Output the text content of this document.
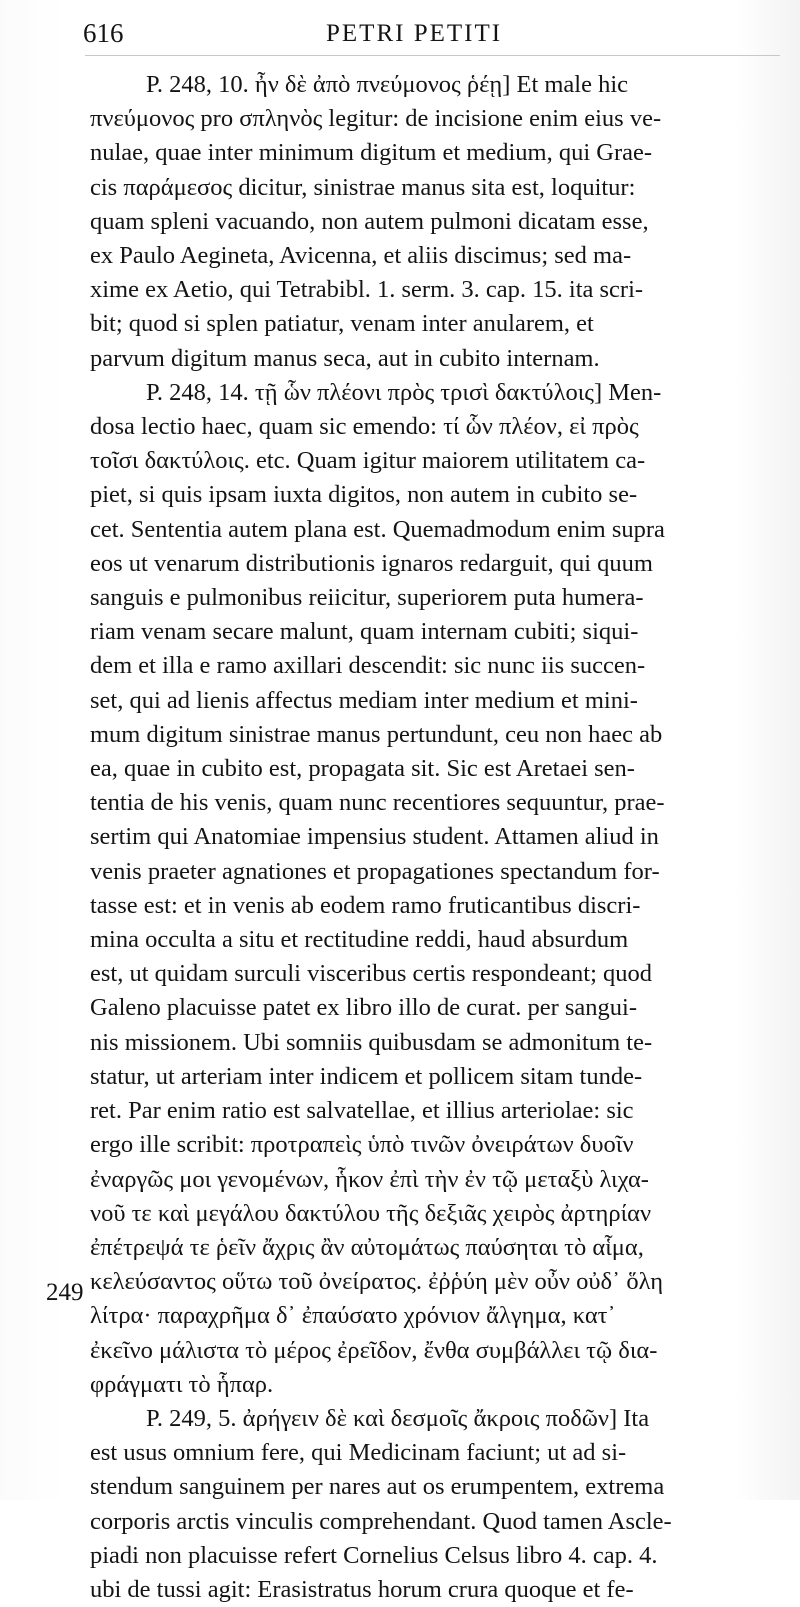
616	PETRI PETITI
249
P. 248, 10. ἦν δὲ ἀπὸ πνεύμονος ῥέῃ] Et male hic
πνεύμονος pro σπληνὸς legitur: de incisione enim eius ve-
nulae, quae inter minimum digitum et medium, qui Grae-
cis παράμεσος dicitur, sinistrae manus sita est, loquitur:
quam spleni vacuando, non autem pulmoni dicatam esse,
ex Paulo Aegineta, Avicenna, et aliis discimus; sed ma-
xime ex Aetio, qui Tetrabibl. 1. serm. 3. cap. 15. ita scri-
bit; quod si splen patiatur, venam inter anularem, et
parvum digitum manus seca, aut in cubito internam.
P. 248, 14. τῇ ὧν πλέονι πρὸς τρισὶ δακτύλοις] Men-
dosa lectio haec, quam sic emendo: τί ὧν πλέον, εἰ πρὸς
τοῖσι δακτύλοις. etc. Quam igitur maiorem utilitatem ca-
piet, si quis ipsam iuxta digitos, non autem in cubito se-
cet. Sententia autem plana est. Quemadmodum enim supra
eos ut venarum distributionis ignaros redarguit, qui quum
sanguis e pulmonibus reiicitur, superiorem puta humera-
riam venam secare malunt, quam internam cubiti; siqui-
dem et illa e ramo axillari descendit: sic nunc iis succen-
set, qui ad lienis affectus mediam inter medium et mini-
mum digitum sinistrae manus pertundunt, ceu non haec ab
ea, quae in cubito est, propagata sit. Sic est Aretaei sen-
tentia de his venis, quam nunc recentiores sequuntur, prae-
sertim qui Anatomiae impensius student. Attamen aliud in
venis praeter agnationes et propagationes spectandum for-
tasse est: et in venis ab eodem ramo fruticantibus discri-
mina occulta a situ et rectitudine reddi, haud absurdum
est, ut quidam surculi visceribus certis respondeant; quod
Galeno placuisse patet ex libro illo de curat. per sangui-
nis missionem. Ubi somniis quibusdam se admonitum te-
statur, ut arteriam inter indicem et pollicem sitam tunde-
ret. Par enim ratio est salvatellae, et illius arteriolae: sic
ergo ille scribit: προτραπεὶς ὑπὸ τινῶν ὀνειράτων δυοῖν
ἐναργῶς μοι γενομένων, ἧκον ἐπὶ τὴν ἐν τῷ μεταξὺ λιχα-
νοῦ τε καὶ μεγάλου δακτύλου τῆς δεξιᾶς χειρὸς ἀρτηρίαν
ἐπέτρεψά τε ῥεῖν ἄχρις ἂν αὐτομάτως παύσηται τὸ αἷμα,
κελεύσαντος οὕτω τοῦ ὀνείρατος. ἐῤῥύη μὲν οὖν οὐδ᾽ ὅλη
λίτρα· παραχρῆμα δ᾽ ἐπαύσατο χρόνιον ἄλγημα, κατ᾽
ἐκεῖνο μάλιστα τὸ μέρος ἐρεῖδον, ἔνθα συμβάλλει τῷ δια-
φράγματι τὸ ἧπαρ.
P. 249, 5. ἀρήγειν δὲ καὶ δεσμοῖς ἄκροις ποδῶν] Ita
est usus omnium fere, qui Medicinam faciunt; ut ad si-
stendum sanguinem per nares aut os erumpentem, extrema
corporis arctis vinculis comprehendant. Quod tamen Ascle-
piadi non placuisse refert Cornelius Celsus libro 4. cap. 4.
ubi de tussi agit: Erasistratus horum crura quoque et fe-
